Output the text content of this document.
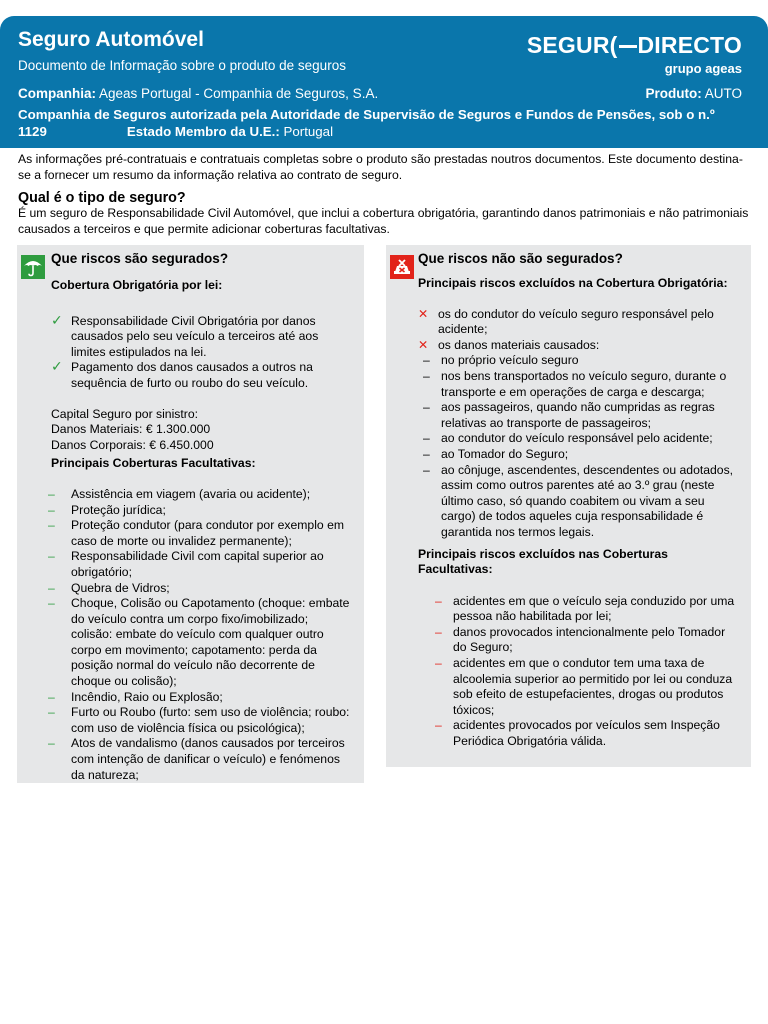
Seguro Automóvel
Documento de Informação sobre o produto de seguros
SEGUR( DIRECTO
grupo ageas
Companhia: Ageas Portugal - Companhia de Seguros, S.A.	Produto: AUTO
Companhia de Seguros autorizada pela Autoridade de Supervisão de Seguros e Fundos de Pensões, sob o n.º 1129	Estado Membro da U.E.: Portugal
As informações pré-contratuais e contratuais completas sobre o produto são prestadas noutros documentos. Este documento destina-se a fornecer um resumo da informação relativa ao contrato de seguro.
Qual é o tipo de seguro?
É um seguro de Responsabilidade Civil Automóvel, que inclui a cobertura obrigatória, garantindo danos patrimoniais e não patrimoniais causados a terceiros e que permite adicionar coberturas facultativas.
Que riscos são segurados?
Cobertura Obrigatória por lei:
✓ Responsabilidade Civil Obrigatória por danos causados pelo seu veículo a terceiros até aos limites estipulados na lei.
✓ Pagamento dos danos causados a outros na sequência de furto ou roubo do seu veículo.
Capital Seguro por sinistro:
Danos Materiais: € 1.300.000
Danos Corporais: € 6.450.000
Principais Coberturas Facultativas:
– Assistência em viagem (avaria ou acidente);
– Proteção jurídica;
– Proteção condutor (para condutor por exemplo em caso de morte ou invalidez permanente);
– Responsabilidade Civil com capital superior ao obrigatório;
– Quebra de Vidros;
– Choque, Colisão ou Capotamento (choque: embate do veículo contra um corpo fixo/imobilizado; colisão: embate do veículo com qualquer outro corpo em movimento; capotamento: perda da posição normal do veículo não decorrente de choque ou colisão);
– Incêndio, Raio ou Explosão;
– Furto ou Roubo (furto: sem uso de violência; roubo: com uso de violência física ou psicológica);
– Atos de vandalismo (danos causados por terceiros com intenção de danificar o veículo) e fenómenos da natureza;
Que riscos não são segurados?
Principais riscos excluídos na Cobertura Obrigatória:
✕ os do condutor do veículo seguro responsável pelo acidente;
✕ os danos materiais causados:
– no próprio veículo seguro
– nos bens transportados no veículo seguro, durante o transporte e em operações de carga e descarga;
– aos passageiros, quando não cumpridas as regras relativas ao transporte de passageiros;
– ao condutor do veículo responsável pelo acidente;
– ao Tomador do Seguro;
– ao cônjuge, ascendentes, descendentes ou adotados, assim como outros parentes até ao 3.º grau (neste último caso, só quando coabitem ou vivam a seu cargo) de todos aqueles cuja responsabilidade é garantida nos termos legais.
Principais riscos excluídos nas Coberturas Facultativas:
– acidentes em que o veículo seja conduzido por uma pessoa não habilitada por lei;
– danos provocados intencionalmente pelo Tomador do Seguro;
– acidentes em que o condutor tem uma taxa de alcoolemia superior ao permitido por lei ou conduza sob efeito de estupefacientes, drogas ou produtos tóxicos;
– acidentes provocados por veículos sem Inspeção Periódica Obrigatória válida.
